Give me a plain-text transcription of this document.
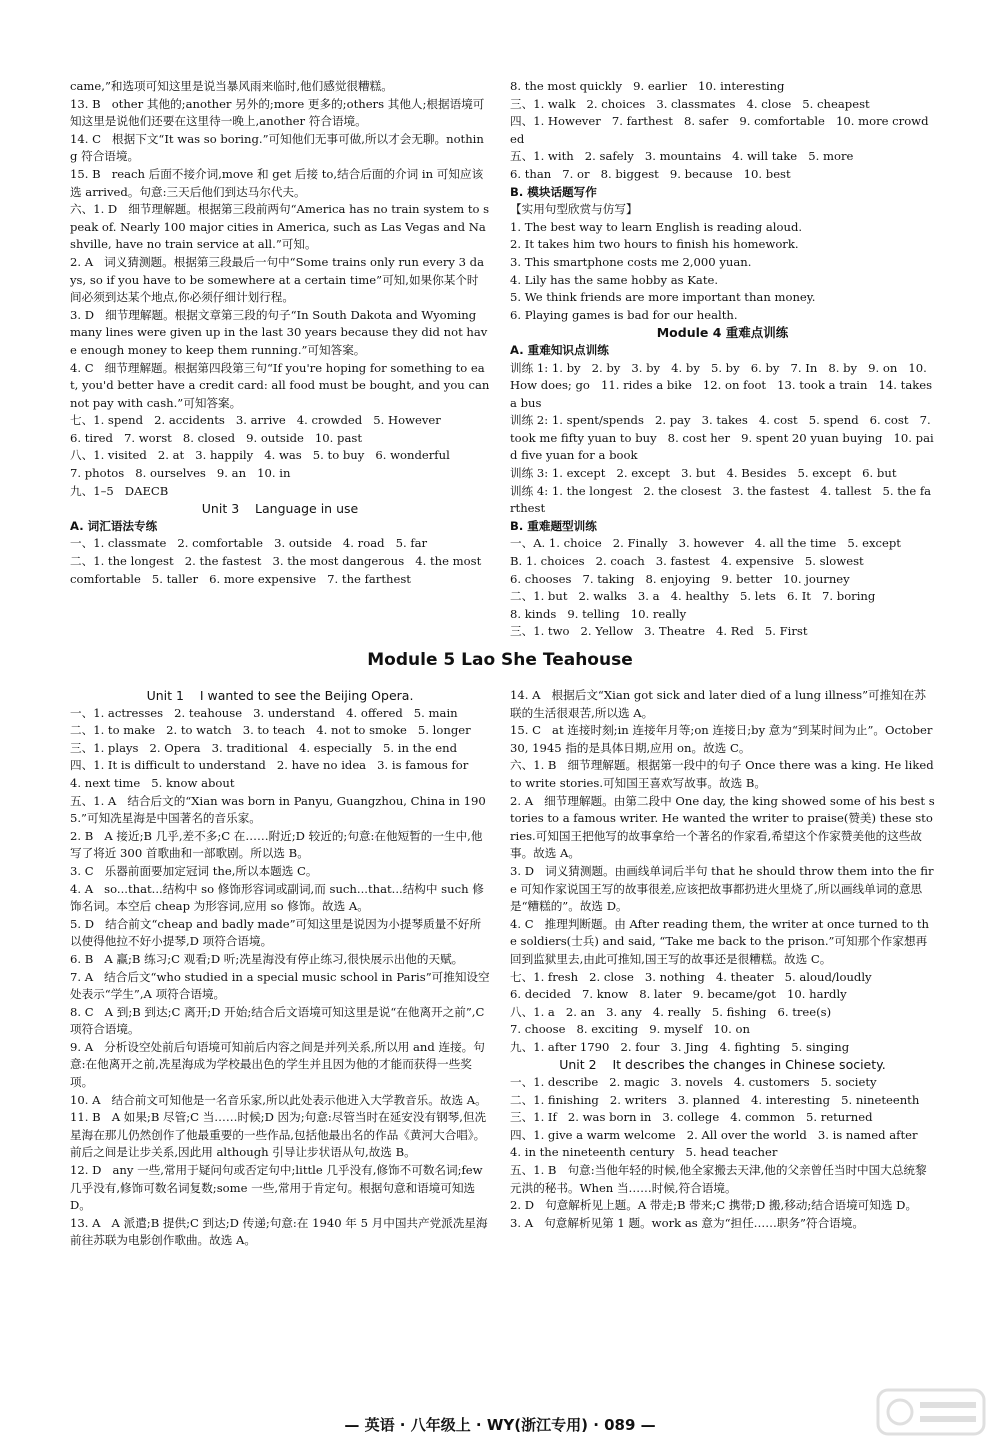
came,”和选项可知这里是说当暴风雨来临时,他们感觉很糟糕。

13. B   other 其他的;another 另外的;more 更多的;others 其他人;根据语境可知这里是说他们还要在这里待一晚上,another 符合语境。

14. C   根据下文“It was so boring.”可知他们无事可做,所以才会无聊。nothing 符合语境。

15. B   reach 后面不接介词,move 和 get 后接 to,结合后面的介词 in 可知应该选 arrived。句意:三天后他们到达马尔代夫。

六、1. D   细节理解题。根据第三段前两句“America has no train system to speak of. Nearly 100 major cities in America, such as Las Vegas and Nashville, have no train service at all.”可知。

2. A   词义猜测题。根据第三段最后一句中“Some trains only run every 3 days, so if you have to be somewhere at a certain time”可知,如果你某个时间必须到达某个地点,你必须仔细计划行程。

3. D   细节理解题。根据文章第三段的句子“In South Dakota and Wyoming many lines were given up in the last 30 years because they did not have enough money to keep them running.”可知答案。

4. C   细节理解题。根据第四段第三句“If you're hoping for something to eat, you'd better have a credit card: all food must be bought, and you cannot pay with cash.”可知答案。

七、1. spend   2. accidents   3. arrive   4. crowded   5. However

6. tired   7. worst   8. closed   9. outside   10. past

八、1. visited   2. at   3. happily   4. was   5. to buy   6. wonderful

7. photos   8. ourselves   9. an   10. in

九、1–5   DAECB

Unit 3    Language in use

A. 词汇语法专练

一、1. classmate   2. comfortable   3. outside   4. road   5. far

二、1. the longest   2. the fastest   3. the most dangerous   4. the most comfortable   5. taller   6. more expensive   7. the farthest

8. the most quickly   9. earlier   10. interesting

三、1. walk   2. choices   3. classmates   4. close   5. cheapest

四、1. However   7. farthest   8. safer   9. comfortable   10. more crowded

五、1. with   2. safely   3. mountains   4. will take   5. more

6. than   7. or   8. biggest   9. because   10. best

B. 模块话题写作

【实用句型欣赏与仿写】

1. The best way to learn English is reading aloud.

2. It takes him two hours to finish his homework.

3. This smartphone costs me 2,000 yuan.

4. Lily has the same hobby as Kate.

5. We think friends are more important than money.

6. Playing games is bad for our health.

Module 4 重难点训练

A. 重难知识点训练

训练 1: 1. by   2. by   3. by   4. by   5. by   6. by   7. In   8. by   9. on   10. How does; go   11. rides a bike   12. on foot   13. took a train   14. takes a bus

训练 2: 1. spent/spends   2. pay   3. takes   4. cost   5. spend   6. cost   7. took me fifty yuan to buy   8. cost her   9. spent 20 yuan buying   10. paid five yuan for a book

训练 3: 1. except   2. except   3. but   4. Besides   5. except   6. but

训练 4: 1. the longest   2. the closest   3. the fastest   4. tallest   5. the farthest

B. 重难题型训练

一、A. 1. choice   2. Finally   3. however   4. all the time   5. except

B. 1. choices   2. coach   3. fastest   4. expensive   5. slowest

6. chooses   7. taking   8. enjoying   9. better   10. journey

二、1. but   2. walks   3. a   4. healthy   5. lets   6. It   7. boring

8. kinds   9. telling   10. really

三、1. two   2. Yellow   3. Theatre   4. Red   5. First

Module 5 Lao She Teahouse

Unit 1    I wanted to see the Beijing Opera.

一、1. actresses   2. teahouse   3. understand   4. offered   5. main

二、1. to make   2. to watch   3. to teach   4. not to smoke   5. longer

三、1. plays   2. Opera   3. traditional   4. especially   5. in the end

四、1. It is difficult to understand   2. have no idea   3. is famous for   4. next time   5. know about

五、1. A   结合后文的“Xian was born in Panyu, Guangzhou, China in 1905.”可知冼星海是中国著名的音乐家。

2. B   A 接近;B 几乎,差不多;C 在……附近;D 较近的;句意:在他短暂的一生中,他写了将近 300 首歌曲和一部歌剧。所以选 B。

3. C   乐器前面要加定冠词 the,所以本题选 C。

4. A   so...that...结构中 so 修饰形容词或副词,而 such...that...结构中 such 修饰名词。本空后 cheap 为形容词,应用 so 修饰。故选 A。

5. D   结合前文“cheap and badly made”可知这里是说因为小提琴质量不好所以使得他拉不好小提琴,D 项符合语境。

6. B   A 赢;B 练习;C 观看;D 听;冼星海没有停止练习,很快展示出他的天赋。

7. A   结合后文“who studied in a special music school in Paris”可推知设空处表示“学生”,A 项符合语境。

8. C   A 到;B 到达;C 离开;D 开始;结合后文语境可知这里是说“在他离开之前”,C 项符合语境。

9. A   分析设空处前后句语境可知前后内容之间是并列关系,所以用 and 连接。句意:在他离开之前,冼星海成为学校最出色的学生并且因为他的才能而获得一些奖项。

10. A   结合前文可知他是一名音乐家,所以此处表示他进入大学教音乐。故选 A。

11. B   A 如果;B 尽管;C 当……时候;D 因为;句意:尽管当时在延安没有钢琴,但冼星海在那儿仍然创作了他最重要的一些作品,包括他最出名的作品《黄河大合唱》。前后之间是让步关系,因此用 although 引导让步状语从句,故选 B。

12. D   any 一些,常用于疑问句或否定句中;little 几乎没有,修饰不可数名词;few 几乎没有,修饰可数名词复数;some 一些,常用于肯定句。根据句意和语境可知选 D。

13. A   A 派遣;B 提供;C 到达;D 传递;句意:在 1940 年 5 月中国共产党派冼星海前往苏联为电影创作歌曲。故选 A。

14. A   根据后文“Xian got sick and later died of a lung illness”可推知在苏联的生活很艰苦,所以选 A。

15. C   at 连接时刻;in 连接年月等;on 连接日;by 意为“到某时间为止”。October 30, 1945 指的是具体日期,应用 on。故选 C。

六、1. B   细节理解题。根据第一段中的句子 Once there was a king. He liked to write stories.可知国王喜欢写故事。故选 B。

2. A   细节理解题。由第二段中 One day, the king showed some of his best stories to a famous writer. He wanted the writer to praise(赞美) these stories.可知国王把他写的故事拿给一个著名的作家看,希望这个作家赞美他的这些故事。故选 A。

3. D   词义猜测题。由画线单词后半句 that he should throw them into the fire 可知作家说国王写的故事很差,应该把故事都扔进火里烧了,所以画线单词的意思是“糟糕的”。故选 D。

4. C   推理判断题。由 After reading them, the writer at once turned to the soldiers(士兵) and said, “Take me back to the prison.”可知那个作家想再回到监狱里去,由此可推知,国王写的故事还是很糟糕。故选 C。

七、1. fresh   2. close   3. nothing   4. theater   5. aloud/loudly

6. decided   7. know   8. later   9. became/got   10. hardly

八、1. a   2. an   3. any   4. really   5. fishing   6. tree(s)

7. choose   8. exciting   9. myself   10. on

九、1. after 1790   2. four   3. Jing   4. fighting   5. singing

Unit 2    It describes the changes in Chinese society.

一、1. describe   2. magic   3. novels   4. customers   5. society

二、1. finishing   2. writers   3. planned   4. interesting   5. nineteenth

三、1. If   2. was born in   3. college   4. common   5. returned

四、1. give a warm welcome   2. All over the world   3. is named after   4. in the nineteenth century   5. head teacher

五、1. B   句意:当他年轻的时候,他全家搬去天津,他的父亲曾任当时中国大总统黎元洪的秘书。When 当……时候,符合语境。

2. D   句意解析见上题。A 带走;B 带来;C 携带;D 搬,移动;结合语境可知选 D。

3. A   句意解析见第 1 题。work as 意为“担任……职务”符合语境。

— 英语 · 八年级上 · WY(浙江专用) · 089 —
